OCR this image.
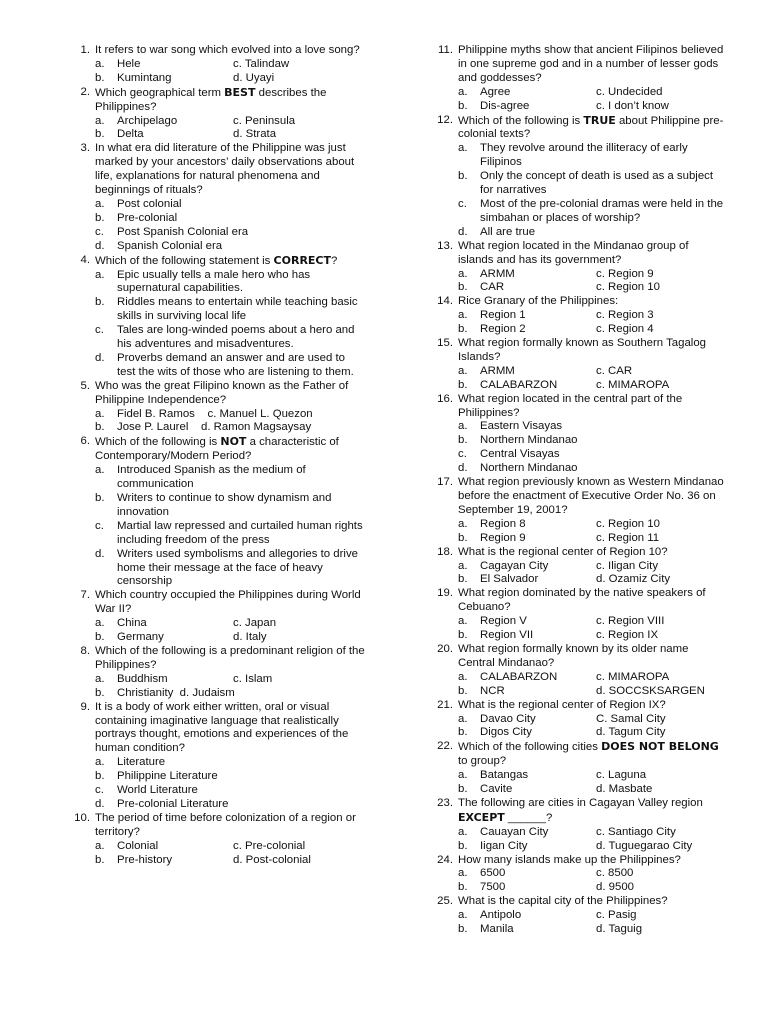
1. It refers to war song which evolved into a love song?
a. Hele	c. Talindaw
b. Kumintang	d. Uyayi
2. Which geographical term BEST describes the Philippines?
a. Archipelago	c. Peninsula
b. Delta	d. Strata
3. In what era did literature of the Philippine was just marked by your ancestors’ daily observations about life, explanations for natural phenomena and beginnings of rituals?
a. Post colonial
b. Pre-colonial
c. Post Spanish Colonial era
d. Spanish Colonial era
4. Which of the following statement is CORRECT?
a. Epic usually tells a male hero who has supernatural capabilities.
b. Riddles means to entertain while teaching basic skills in surviving local life
c. Tales are long-winded poems about a hero and his adventures and misadventures.
d. Proverbs demand an answer and are used to test the wits of those who are listening to them.
5. Who was the great Filipino known as the Father of Philippine Independence?
a. Fidel B. Ramos    c. Manuel L. Quezon
b. Jose P. Laurel    d. Ramon Magsaysay
6. Which of the following is NOT a characteristic of Contemporary/Modern Period?
a. Introduced Spanish as the medium of communication
b. Writers to continue to show dynamism and innovation
c. Martial law repressed and curtailed human rights including freedom of the press
d. Writers used symbolisms and allegories to drive home their message at the face of heavy censorship
7. Which country occupied the Philippines during World War II?
a. China	c. Japan
b. Germany	d. Italy
8. Which of the following is a predominant religion of the Philippines?
a. Buddhism	c. Islam
b. Christianity  d. Judaism
9. It is a body of work either written, oral or visual containing imaginative language that realistically portrays thought, emotions and experiences of the human condition?
a. Literature
b. Philippine Literature
c. World Literature
d. Pre-colonial Literature
10. The period of time before colonization of a region or territory?
a. Colonial	c. Pre-colonial
b. Pre-history	d. Post-colonial
11. Philippine myths show that ancient Filipinos believed in one supreme god and in a number of lesser gods and goddesses?
a. Agree	c. Undecided
b. Dis-agree	c. I don’t know
12. Which of the following is TRUE about Philippine pre-colonial texts?
a. They revolve around the illiteracy of early Filipinos
b. Only the concept of death is used as a subject for narratives
c. Most of the pre-colonial dramas were held in the simbahan or places of worship?
d. All are true
13. What region located in the Mindanao group of islands and has its government?
a. ARMM	c. Region 9
b. CAR	c. Region 10
14. Rice Granary of the Philippines:
a. Region 1	c. Region 3
b. Region 2	c. Region 4
15. What region formally known as Southern Tagalog Islands?
a. ARMM	c. CAR
b. CALABARZON	c. MIMAROPA
16. What region located in the central part of the Philippines?
a. Eastern Visayas
b. Northern Mindanao
c. Central Visayas
d. Northern Mindanao
17. What region previously known as Western Mindanao before the enactment of Executive Order No. 36 on September 19, 2001?
a. Region 8	c. Region 10
b. Region 9	c. Region 11
18. What is the regional center of Region 10?
a. Cagayan City	c. Iligan City
b. El Salvador	d. Ozamiz City
19. What region dominated by the native speakers of Cebuano?
a. Region V	c. Region VIII
b. Region VII	c. Region IX
20. What region formally known by its older name Central Mindanao?
a. CALABARZON	c. MIMAROPA
b. NCR	d. SOCCSKSARGEN
21. What is the regional center of Region IX?
a. Davao City	C. Samal City
b. Digos City	d. Tagum City
22. Which of the following cities DOES NOT BELONG to group?
a. Batangas	c. Laguna
b. Cavite	d. Masbate
23. The following are cities in Cagayan Valley region EXCEPT ______?
a. Cauayan City	c. Santiago City
b. Iigan City	d. Tuguegarao City
24. How many islands make up the Philippines?
a. 6500	c. 8500
b. 7500	d. 9500
25. What is the capital city of the Philippines?
a. Antipolo	c. Pasig
b. Manila	d. Taguig
